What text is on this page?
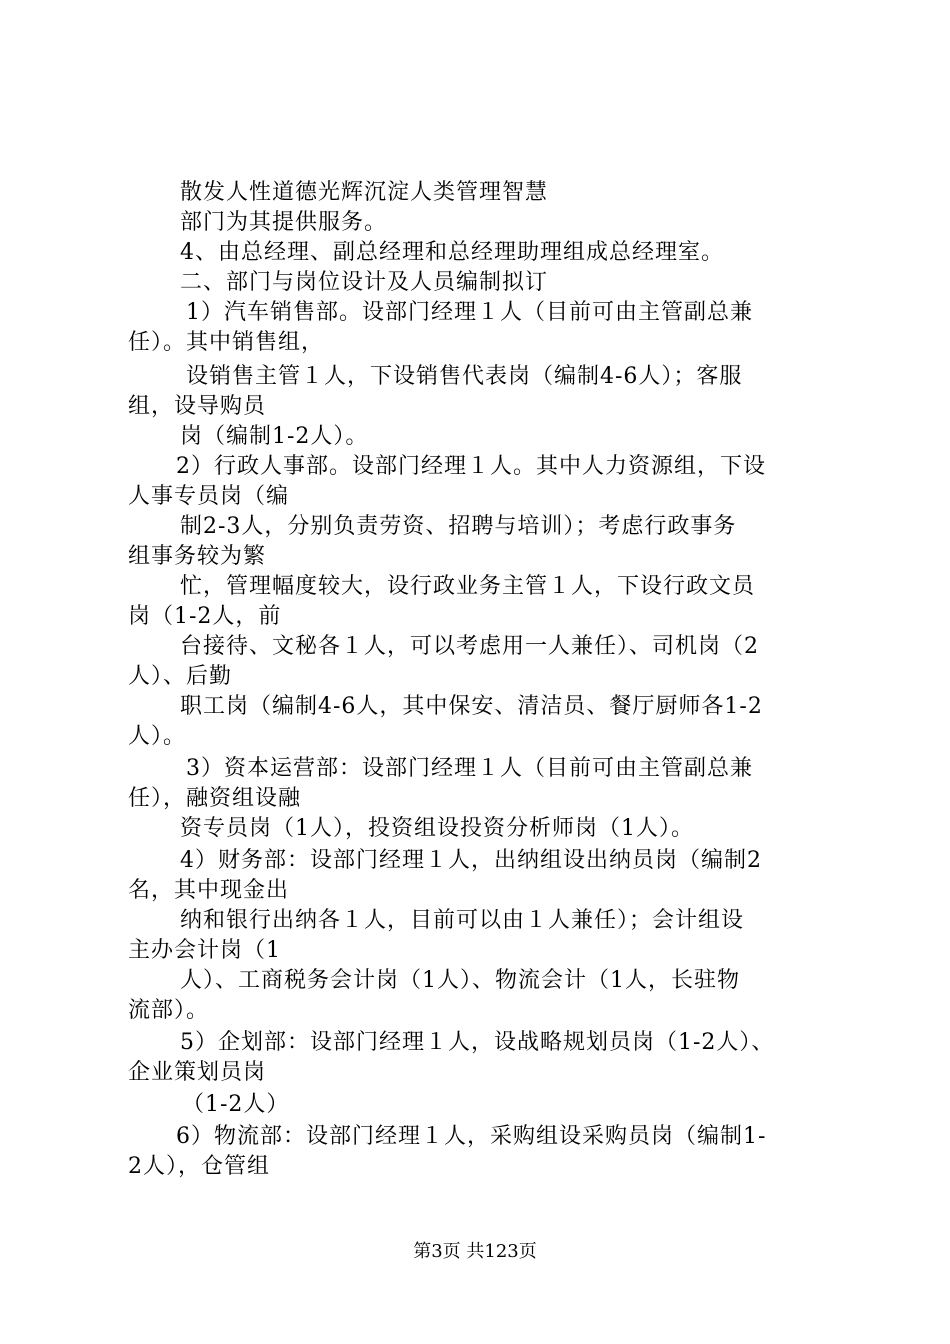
散发人性道德光辉沉淀人类管理智慧
部门为其提供服务。
4、由总经理、副总经理和总经理助理组成总经理室。
二、部门与岗位设计及人员编制拟订
1）汽车销售部。设部门经理１人（目前可由主管副总兼
任）。其中销售组，
设销售主管１人，下设销售代表岗（编制4-6人）；客服
组，设导购员
岗（编制1-2人）。
2）行政人事部。设部门经理１人。其中人力资源组，下设
人事专员岗（编
制2-3人，分别负责劳资、招聘与培训）；考虑行政事务
组事务较为繁
忙，管理幅度较大，设行政业务主管１人，下设行政文员
岗（1-2人，前
台接待、文秘各１人，可以考虑用一人兼任）、司机岗（2
人）、后勤
职工岗（编制4-6人，其中保安、清洁员、餐厅厨师各1-2
人）。
3）资本运营部：设部门经理１人（目前可由主管副总兼
任），融资组设融
资专员岗（1人），投资组设投资分析师岗（1人）。
4）财务部：设部门经理１人，出纳组设出纳员岗（编制2
名，其中现金出
纳和银行出纳各１人，目前可以由１人兼任）；会计组设
主办会计岗（1
人）、工商税务会计岗（1人）、物流会计（1人，长驻物
流部）。
5）企划部：设部门经理１人，设战略规划员岗（1-2人）、
企业策划员岗
（1-2人）
6）物流部：设部门经理１人，采购组设采购员岗（编制1-
2人），仓管组
第3页 共123页
